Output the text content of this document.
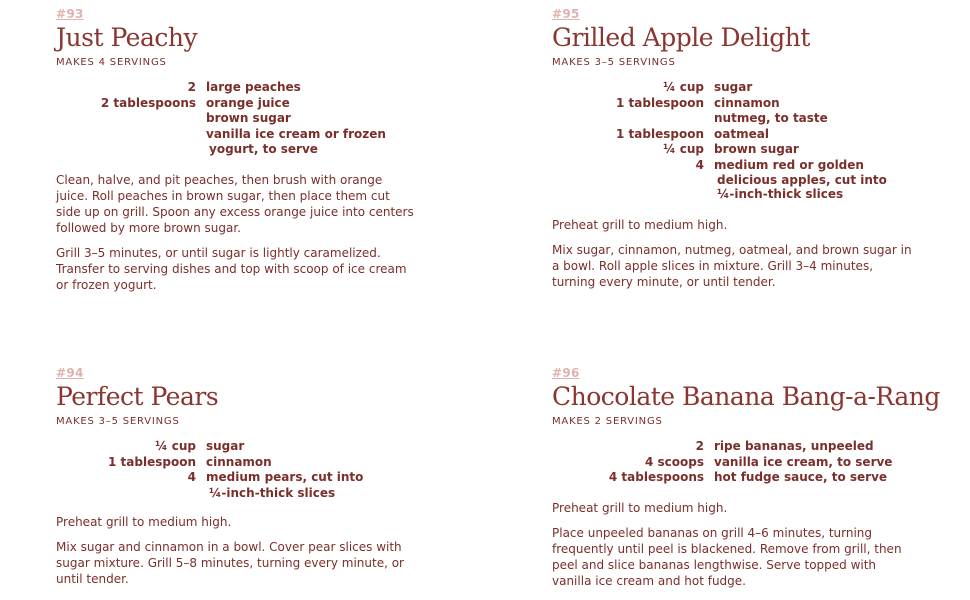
#93
Just Peachy
MAKES 4 SERVINGS
2 large peaches
2 tablespoons orange juice
brown sugar
vanilla ice cream or frozen
yogurt, to serve

Clean, halve, and pit peaches, then brush with orange juice. Roll peaches in brown sugar, then place them cut side up on grill. Spoon any excess orange juice into centers followed by more brown sugar.

Grill 3–5 minutes, or until sugar is lightly caramelized. Transfer to serving dishes and top with scoop of ice cream or frozen yogurt.

#95
Grilled Apple Delight
MAKES 3–5 SERVINGS
¼ cup sugar
1 tablespoon cinnamon
nutmeg, to taste
1 tablespoon oatmeal
¼ cup brown sugar
4 medium red or golden
delicious apples, cut into
¼-inch-thick slices

Preheat grill to medium high.

Mix sugar, cinnamon, nutmeg, oatmeal, and brown sugar in a bowl. Roll apple slices in mixture. Grill 3–4 minutes, turning every minute, or until tender.

#94
Perfect Pears
MAKES 3–5 SERVINGS
¼ cup sugar
1 tablespoon cinnamon
4 medium pears, cut into
¼-inch-thick slices

Preheat grill to medium high.

Mix sugar and cinnamon in a bowl. Cover pear slices with sugar mixture. Grill 5–8 minutes, turning every minute, or until tender.

#96
Chocolate Banana Bang-a-Rang
MAKES 2 SERVINGS
2 ripe bananas, unpeeled
4 scoops vanilla ice cream, to serve
4 tablespoons hot fudge sauce, to serve

Preheat grill to medium high.

Place unpeeled bananas on grill 4–6 minutes, turning frequently until peel is blackened. Remove from grill, then peel and slice bananas lengthwise. Serve topped with vanilla ice cream and hot fudge.
